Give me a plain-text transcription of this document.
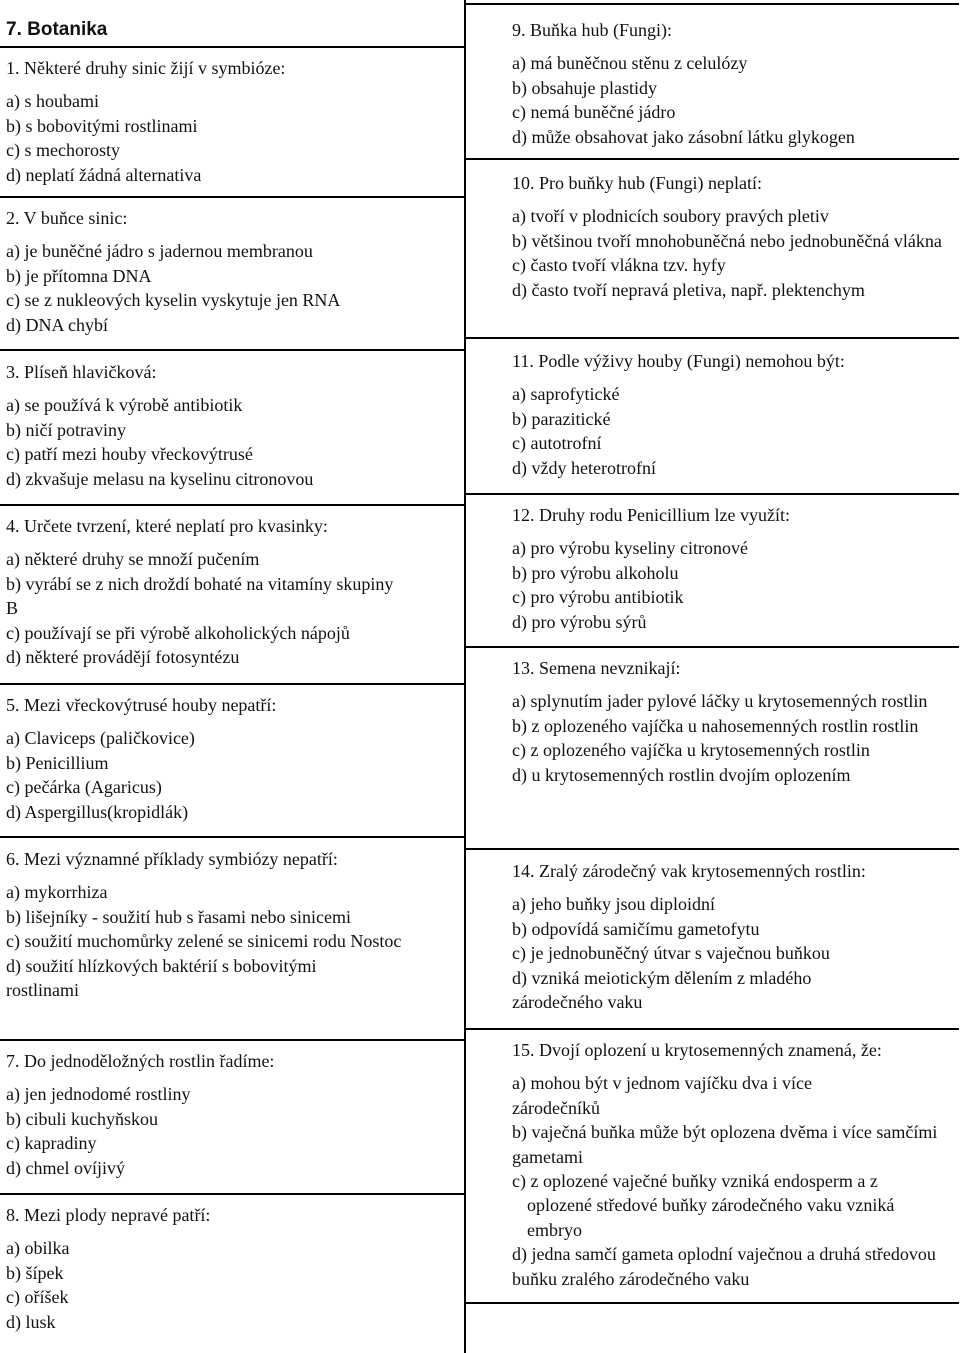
7. Botanika
1. Některé druhy sinic žijí v symbióze:
a) s houbami
b) s bobovitými rostlinami
c) s mechorosty
d) neplatí žádná alternativa
2. V buňce sinic:
a) je buněčné jádro s jadernou membranou
b) je přítomna DNA
c) se z nukleových kyselin vyskytuje jen RNA
d) DNA chybí
3. Plíseň hlavičková:
a) se používá k výrobě antibiotik
b) ničí potraviny
c) patří mezi houby vřeckovýtrusé
d) zkvašuje melasu na kyselinu citronovou
4. Určete tvrzení, které neplatí pro kvasinky:
a) některé druhy se množí pučením
b) vyrábí se z nich droždí bohaté na vitamíny skupiny B
c) používají se při výrobě alkoholických nápojů
d) některé provádějí fotosyntézu
5. Mezi vřeckovýtrusé houby nepatří:
a) Claviceps (paličkovice)
b) Penicillium
c) pečárka (Agaricus)
d) Aspergillus(kropidlák)
6. Mezi významné příklady symbiózy nepatří:
a) mykorrhiza
b) lišejníky - soužití hub s řasami nebo sinicemi
c) soužití muchomůrky zelené se sinicemi rodu Nostoc
d) soužití hlízkových baktérií s bobovitými rostlinami
7. Do jednoděložných rostlin řadíme:
a) jen jednodomé rostliny
b) cibuli kuchyňskou
c) kapradiny
d) chmel ovíjivý
8. Mezi plody nepravé patří:
a) obilka
b) šípek
c) oříšek
d) lusk
9. Buňka hub (Fungi):
a) má buněčnou stěnu z celulózy
b) obsahuje plastidy
c) nemá buněčné jádro
d) může obsahovat jako zásobní látku glykogen
10. Pro buňky hub (Fungi) neplatí:
a) tvoří v plodnicích soubory pravých pletiv
b) většinou tvoří mnohobuněčná nebo jednobuněčná vlákna
c) často tvoří vlákna tzv. hyfy
d) často tvoří nepravá pletiva, např. plektenchym
11. Podle výživy houby (Fungi) nemohou být:
a) saprofytické
b) parazitické
c) autotrofní
d) vždy heterotrofní
12. Druhy rodu Penicillium lze využít:
a) pro výrobu kyseliny citronové
b) pro výrobu alkoholu
c) pro výrobu antibiotik
d) pro výrobu sýrů
13. Semena nevznikají:
a) splynutím jader pylové láčky u krytosemenných rostlin
b) z oplozeného vajíčka u nahosemenných rostlin rostlin
c) z oplozeného vajíčka u krytosemenných rostlin
d) u krytosemenných rostlin dvojím oplozením
14. Zralý zárodečný vak krytosemenných rostlin:
a) jeho buňky jsou diploidní
b) odpovídá samičímu gametofytu
c) je jednobuněčný útvar s vaječnou buňkou
d) vzniká meiotickým dělením z mladého zárodečného vaku
15. Dvojí oplození u krytosemenných znamená, že:
a) mohou být v jednom vajíčku dva i více zárodečníků
b) vaječná buňka může být oplozena dvěma i více samčími gametami
c) z oplozené vaječné buňky vzniká endosperm a z oplozené středové buňky zárodečného vaku vzniká embryo
d) jedna samčí gameta oplodní vaječnou a druhá středovou buňku zralého zárodečného vaku
